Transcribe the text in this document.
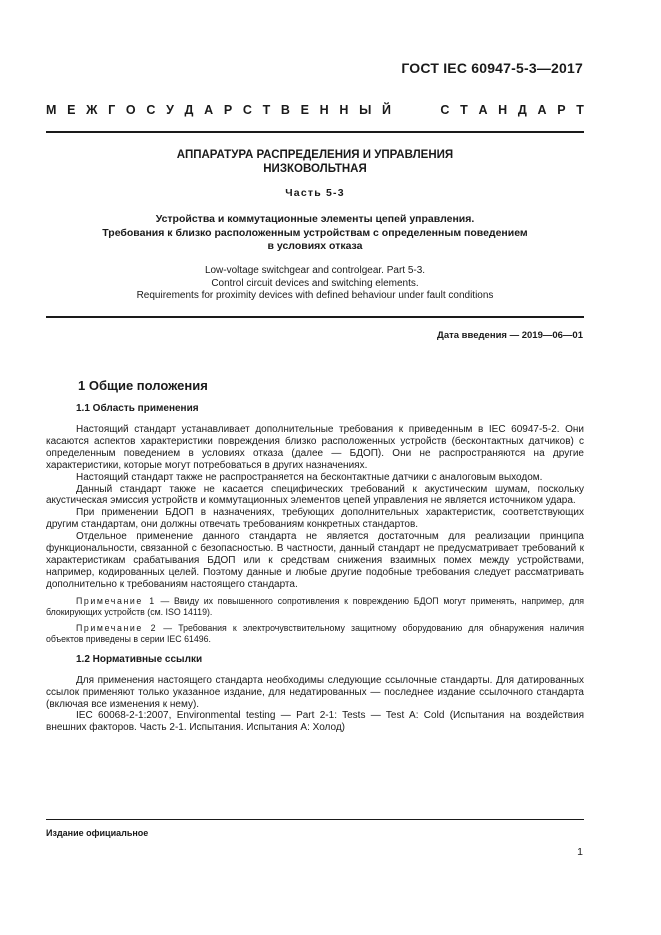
ГОСТ IEC 60947-5-3—2017
М Е Ж Г О С У Д А Р С Т В Е Н Н Ы Й	С Т А Н Д А Р Т
АППАРАТУРА РАСПРЕДЕЛЕНИЯ И УПРАВЛЕНИЯ
НИЗКОВОЛЬТНАЯ
Часть 5-3
Устройства и коммутационные элементы цепей управления.
Требования к близко расположенным устройствам с определенным поведением
в условиях отказа
Low-voltage switchgear and controlgear. Part 5-3.
Control circuit devices and switching elements.
Requirements for proximity devices with defined behaviour under fault conditions
Дата введения — 2019—06—01
1 Общие положения
1.1 Область применения

Настоящий стандарт устанавливает дополнительные требования к приведенным в IEC 60947-5-2. Они касаются аспектов характеристики повреждения близко расположенных устройств (бесконтактных датчиков) с определенным поведением в условиях отказа (далее — БДОП). Они не распространяются на другие характеристики, которые могут потребоваться в других назначениях.

Настоящий стандарт также не распространяется на бесконтактные датчики с аналоговым выходом.

Данный стандарт также не касается специфических требований к акустическим шумам, поскольку акустическая эмиссия устройств и коммутационных элементов цепей управления не является источником удара.

При применении БДОП в назначениях, требующих дополнительных характеристик, соответствующих другим стандартам, они должны отвечать требованиям конкретных стандартов.

Отдельное применение данного стандарта не является достаточным для реализации принципа функциональности, связанной с безопасностью. В частности, данный стандарт не предусматривает требований к характеристикам срабатывания БДОП или к средствам снижения взаимных помех между устройствами, например, кодированных целей. Поэтому данные и любые другие подобные требования следует рассматривать дополнительно к требованиям настоящего стандарта.

Примечание 1 — Ввиду их повышенного сопротивления к повреждению БДОП могут применять, например, для блокирующих устройств (см. ISO 14119).

Примечание 2 — Требования к электрочувствительному защитному оборудованию для обнаружения наличия объектов приведены в серии IEC 61496.

1.2 Нормативные ссылки

Для применения настоящего стандарта необходимы следующие ссылочные стандарты. Для датированных ссылок применяют только указанное издание, для недатированных — последнее издание ссылочного стандарта (включая все изменения к нему).

IEC 60068-2-1:2007, Environmental testing — Part 2-1: Tests — Test A: Cold (Испытания на воздействия внешних факторов. Часть 2-1. Испытания. Испытания А: Холод)

Издание официальное
1
